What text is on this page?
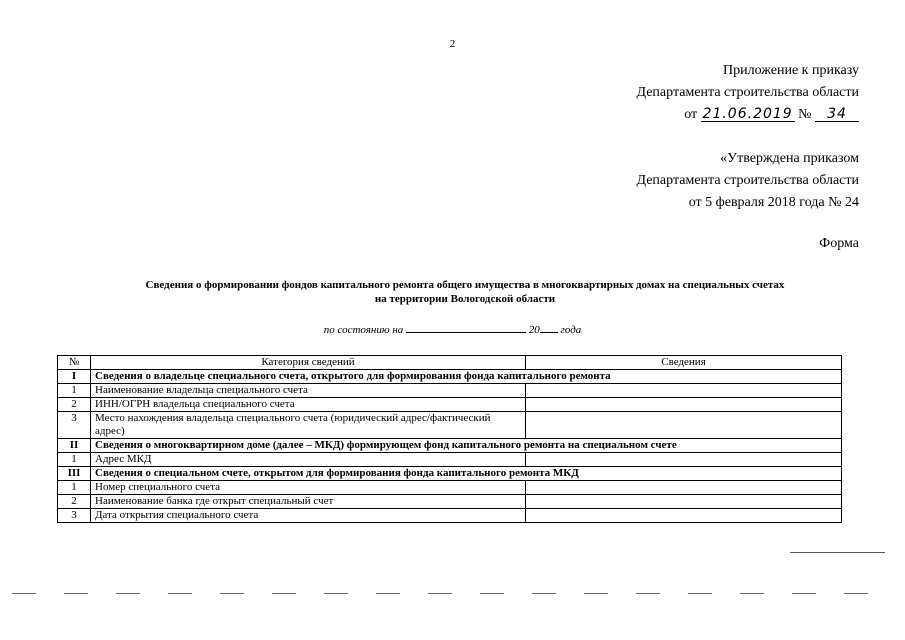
2
Приложение к приказу
Департамента строительства области
от 21.06.2019 № 34
«Утверждена приказом
Департамента строительства области
от 5 февраля 2018 года № 24
Форма
Сведения о формировании фондов капитального ремонта общего имущества в многоквартирных домах на специальных счетах
на территории Вологодской области
по состоянию на	20 года
№	Категория сведений	Сведения
I	Сведения о владельце специального счета, открытого для формирования фонда капитального ремонта	
1	Наименование владельца специального счета	
2	ИНН/ОГРН владельца специального счета	
3	Место нахождения владельца специального счета (юридический адрес/фактический адрес)	
II	Сведения о многоквартирном доме (далее – МКД) формирующем фонд капитального ремонта на специальном счете	
1	Адрес МКД	
III	Сведения о специальном счете, открытом для формирования фонда капитального ремонта МКД	
1	Номер специального счета	
2	Наименование банка где открыт специальный счет	
3	Дата открытия специального счета	
